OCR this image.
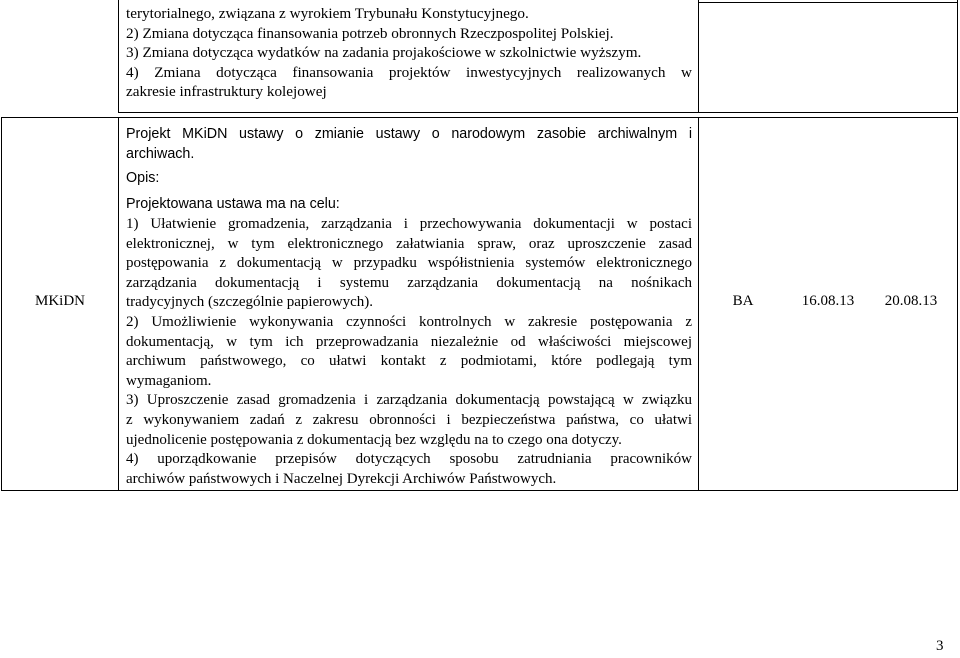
terytorialnego, związana z wyrokiem Trybunału Konstytucyjnego.

2) Zmiana dotycząca finansowania potrzeb obronnych Rzeczpospolitej Polskiej.

3) Zmiana dotycząca wydatków na zadania projakościowe w szkolnictwie wyższym.

4) Zmiana dotycząca finansowania projektów inwestycyjnych realizowanych w

zakresie infrastruktury kolejowej

MKiDN

Projekt MKiDN ustawy o zmianie ustawy o narodowym zasobie archiwalnym i

archiwach.

Opis:

Projektowana ustawa ma na celu:

1) Ułatwienie gromadzenia, zarządzania i przechowywania dokumentacji w postaci

elektronicznej, w tym elektronicznego załatwiania spraw, oraz uproszczenie zasad

postępowania z dokumentacją w przypadku współistnienia systemów elektronicznego

zarządzania dokumentacją i systemu zarządzania dokumentacją na nośnikach

tradycyjnych (szczególnie papierowych).

2) Umożliwienie wykonywania czynności kontrolnych w zakresie postępowania z

dokumentacją, w tym ich przeprowadzania niezależnie od właściwości miejscowej

archiwum państwowego, co ułatwi kontakt z podmiotami, które podlegają tym

wymaganiom.

3) Uproszczenie zasad gromadzenia i zarządzania dokumentacją powstającą w związku

z wykonywaniem zadań z zakresu obronności i bezpieczeństwa państwa, co ułatwi

ujednolicenie postępowania z dokumentacją bez względu na to czego ona dotyczy.

4) uporządkowanie przepisów dotyczących sposobu zatrudniania pracowników

archiwów państwowych i Naczelnej Dyrekcji Archiwów Państwowych.

BA	16.08.13	20.08.13
3
